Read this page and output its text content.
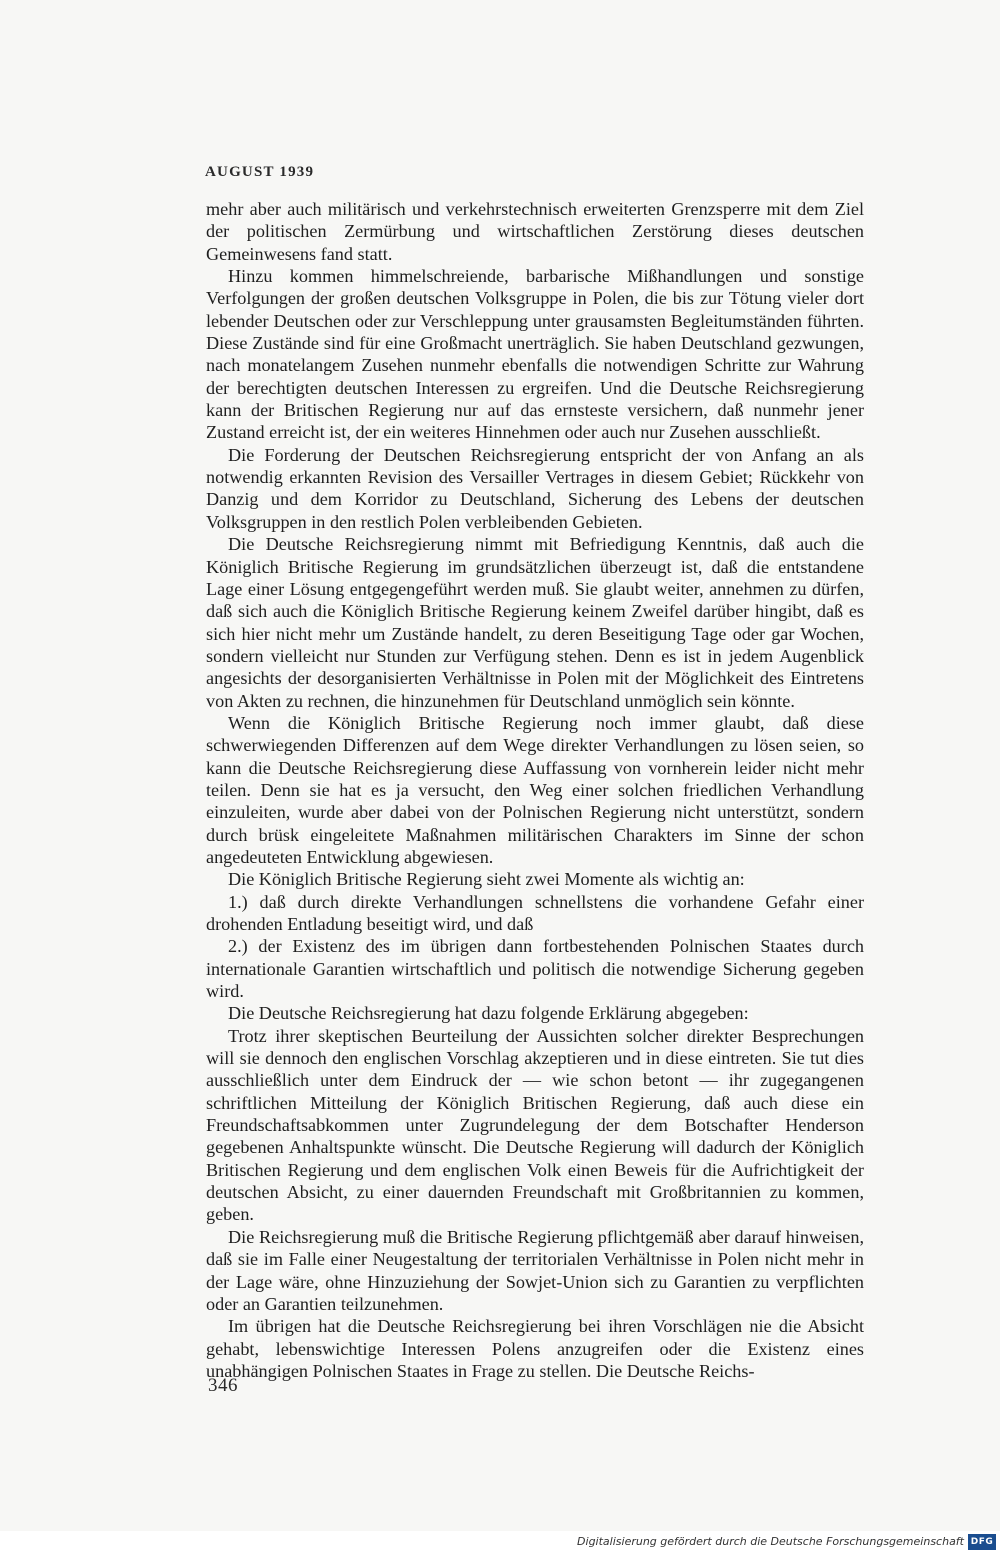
AUGUST 1939

mehr aber auch militärisch und verkehrstechnisch erweiterten Grenzsperre mit dem Ziel der politischen Zermürbung und wirtschaftlichen Zerstörung dieses deutschen Gemeinwesens fand statt.

Hinzu kommen himmelschreiende, barbarische Mißhandlungen und sonstige Verfolgungen der großen deutschen Volksgruppe in Polen, die bis zur Tötung vieler dort lebender Deutschen oder zur Verschleppung unter grausamsten Begleitumständen führten. Diese Zustände sind für eine Großmacht unerträglich. Sie haben Deutschland gezwungen, nach monatelangem Zusehen nunmehr ebenfalls die notwendigen Schritte zur Wahrung der berechtigten deutschen Interessen zu ergreifen. Und die Deutsche Reichsregierung kann der Britischen Regierung nur auf das ernsteste versichern, daß nunmehr jener Zustand erreicht ist, der ein weiteres Hinnehmen oder auch nur Zusehen ausschließt.

Die Forderung der Deutschen Reichsregierung entspricht der von Anfang an als notwendig erkannten Revision des Versailler Vertrages in diesem Gebiet; Rückkehr von Danzig und dem Korridor zu Deutschland, Sicherung des Lebens der deutschen Volksgruppen in den restlich Polen verbleibenden Gebieten.

Die Deutsche Reichsregierung nimmt mit Befriedigung Kenntnis, daß auch die Königlich Britische Regierung im grundsätzlichen überzeugt ist, daß die entstandene Lage einer Lösung entgegengeführt werden muß. Sie glaubt weiter, annehmen zu dürfen, daß sich auch die Königlich Britische Regierung keinem Zweifel darüber hingibt, daß es sich hier nicht mehr um Zustände handelt, zu deren Beseitigung Tage oder gar Wochen, sondern vielleicht nur Stunden zur Verfügung stehen. Denn es ist in jedem Augenblick angesichts der desorganisierten Verhältnisse in Polen mit der Möglichkeit des Eintretens von Akten zu rechnen, die hinzunehmen für Deutschland unmöglich sein könnte.

Wenn die Königlich Britische Regierung noch immer glaubt, daß diese schwerwiegenden Differenzen auf dem Wege direkter Verhandlungen zu lösen seien, so kann die Deutsche Reichsregierung diese Auffassung von vornherein leider nicht mehr teilen. Denn sie hat es ja versucht, den Weg einer solchen friedlichen Verhandlung einzuleiten, wurde aber dabei von der Polnischen Regierung nicht unterstützt, sondern durch brüsk eingeleitete Maßnahmen militärischen Charakters im Sinne der schon angedeuteten Entwicklung abgewiesen.

Die Königlich Britische Regierung sieht zwei Momente als wichtig an:

1.) daß durch direkte Verhandlungen schnellstens die vorhandene Gefahr einer drohenden Entladung beseitigt wird, und daß

2.) der Existenz des im übrigen dann fortbestehenden Polnischen Staates durch internationale Garantien wirtschaftlich und politisch die notwendige Sicherung gegeben wird.

Die Deutsche Reichsregierung hat dazu folgende Erklärung abgegeben:

Trotz ihrer skeptischen Beurteilung der Aussichten solcher direkter Besprechungen will sie dennoch den englischen Vorschlag akzeptieren und in diese eintreten. Sie tut dies ausschließlich unter dem Eindruck der — wie schon betont — ihr zugegangenen schriftlichen Mitteilung der Königlich Britischen Regierung, daß auch diese ein Freundschaftsabkommen unter Zugrundelegung der dem Botschafter Henderson gegebenen Anhaltspunkte wünscht. Die Deutsche Regierung will dadurch der Königlich Britischen Regierung und dem englischen Volk einen Beweis für die Aufrichtigkeit der deutschen Absicht, zu einer dauernden Freundschaft mit Großbritannien zu kommen, geben.

Die Reichsregierung muß die Britische Regierung pflichtgemäß aber darauf hinweisen, daß sie im Falle einer Neugestaltung der territorialen Verhältnisse in Polen nicht mehr in der Lage wäre, ohne Hinzuziehung der Sowjet-Union sich zu Garantien zu verpflichten oder an Garantien teilzunehmen.

Im übrigen hat die Deutsche Reichsregierung bei ihren Vorschlägen nie die Absicht gehabt, lebenswichtige Interessen Polens anzugreifen oder die Existenz eines unabhängigen Polnischen Staates in Frage zu stellen. Die Deutsche Reichs-

346
Digitalisierung gefördert durch die Deutsche Forschungsgemeinschaft DFG
